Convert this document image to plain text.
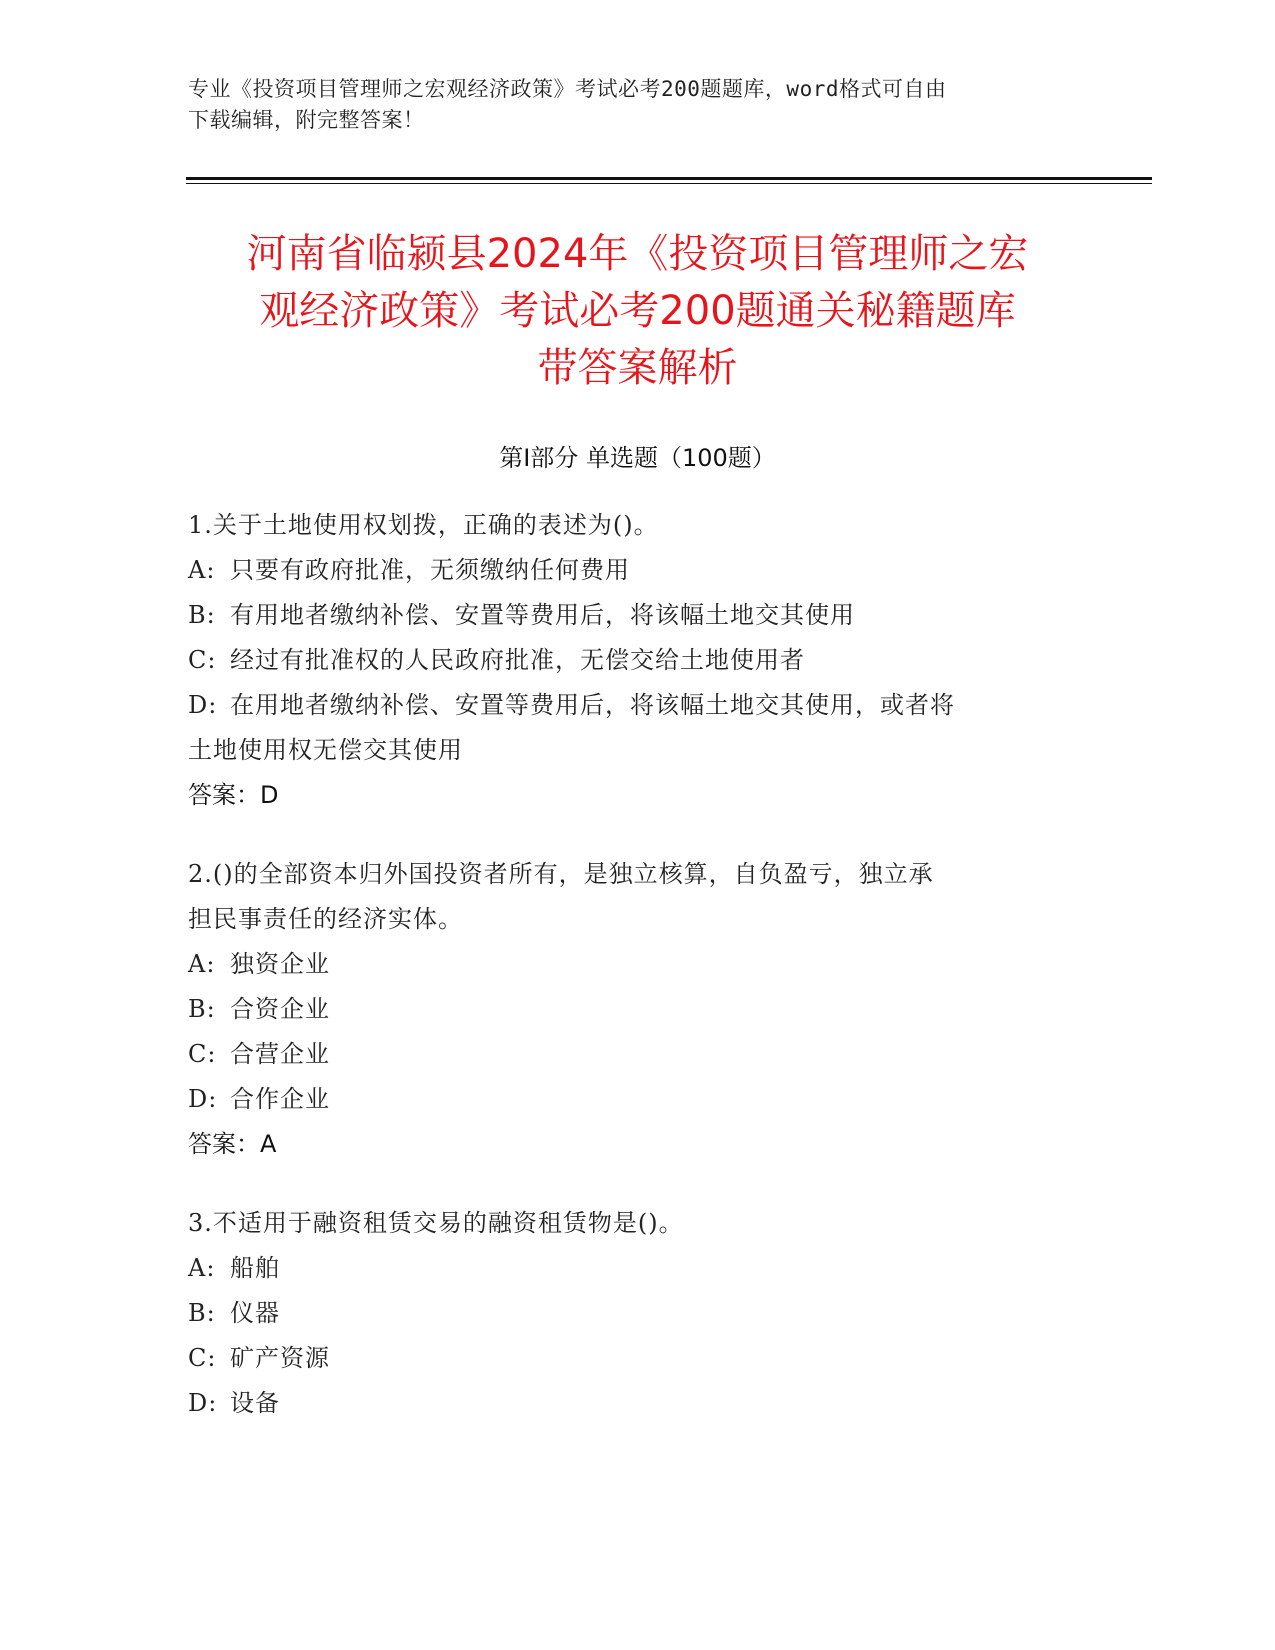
专业《投资项目管理师之宏观经济政策》考试必考200题题库，word格式可自由
下载编辑，附完整答案！
河南省临颍县2024年《投资项目管理师之宏
观经济政策》考试必考200题通关秘籍题库
带答案解析
第Ⅰ部分 单选题（100题）

1.关于土地使用权划拨，正确的表述为()。

A: 只要有政府批准，无须缴纳任何费用

B: 有用地者缴纳补偿、安置等费用后，将该幅土地交其使用

C: 经过有批准权的人民政府批准，无偿交给土地使用者

D: 在用地者缴纳补偿、安置等费用后，将该幅土地交其使用，或者将

土地使用权无偿交其使用

答案：D

2.()的全部资本归外国投资者所有，是独立核算，自负盈亏，独立承

担民事责任的经济实体。

A: 独资企业

B: 合资企业

C: 合营企业

D: 合作企业

答案：A

3.不适用于融资租赁交易的融资租赁物是()。

A: 船舶

B: 仪器

C: 矿产资源

D: 设备
